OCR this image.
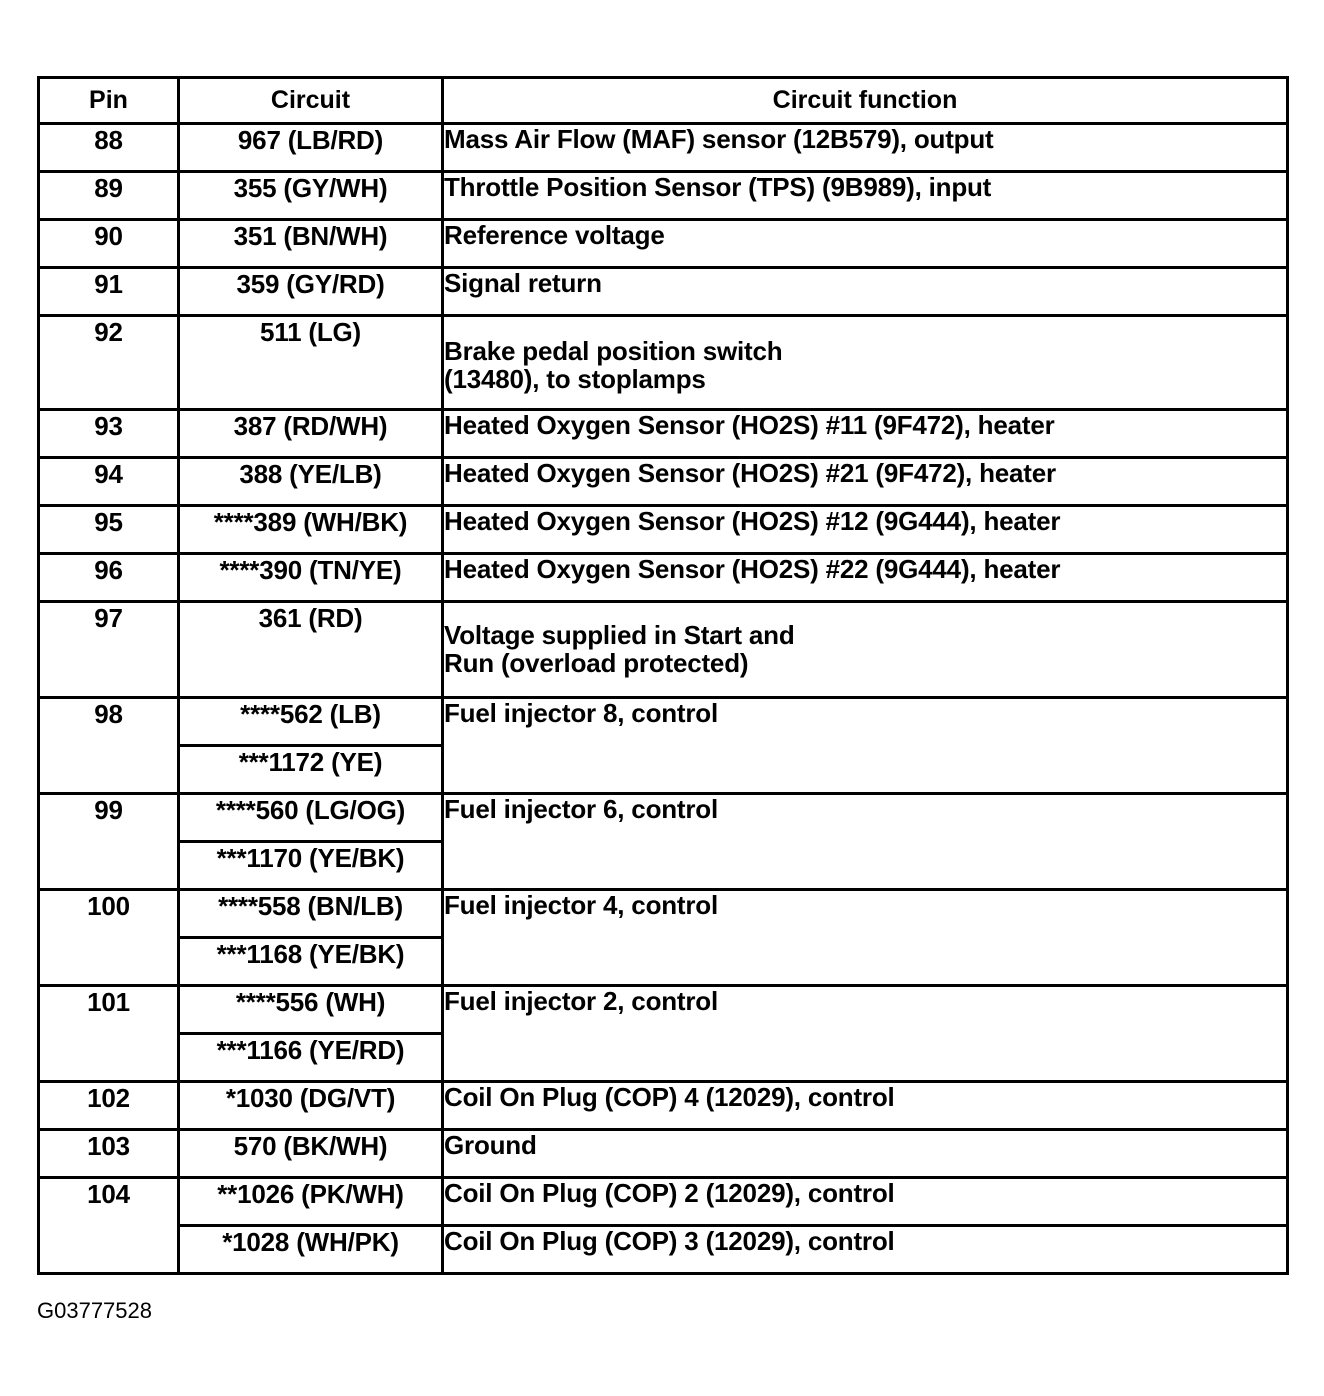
Pin	Circuit	Circuit function
88	967 (LB/RD)	Mass Air Flow (MAF) sensor (12B579), output
89	355 (GY/WH)	Throttle Position Sensor (TPS) (9B989), input
90	351 (BN/WH)	Reference voltage
91	359 (GY/RD)	Signal return
92	511 (LG)	Brake pedal position switch
(13480), to stoplamps

93	387 (RD/WH)	Heated Oxygen Sensor (HO2S) #11 (9F472), heater
94	388 (YE/LB)	Heated Oxygen Sensor (HO2S) #21 (9F472), heater
95	****389 (WH/BK)	Heated Oxygen Sensor (HO2S) #12 (9G444), heater
96	****390 (TN/YE)	Heated Oxygen Sensor (HO2S) #22 (9G444), heater
97	361 (RD)	Voltage supplied in Start and
Run (overload protected)

98	****562 (LB)	Fuel injector 8, control
	***1172 (YE)	
99	****560 (LG/OG)	Fuel injector 6, control
	***1170 (YE/BK)	
100	****558 (BN/LB)	Fuel injector 4, control
	***1168 (YE/BK)	
101	****556 (WH)	Fuel injector 2, control
	***1166 (YE/RD)	
102	*1030 (DG/VT)	Coil On Plug (COP) 4 (12029), control
103	570 (BK/WH)	Ground
104	**1026 (PK/WH)	Coil On Plug (COP) 2 (12029), control
	*1028 (WH/PK)	Coil On Plug (COP) 3 (12029), control
G03777528
